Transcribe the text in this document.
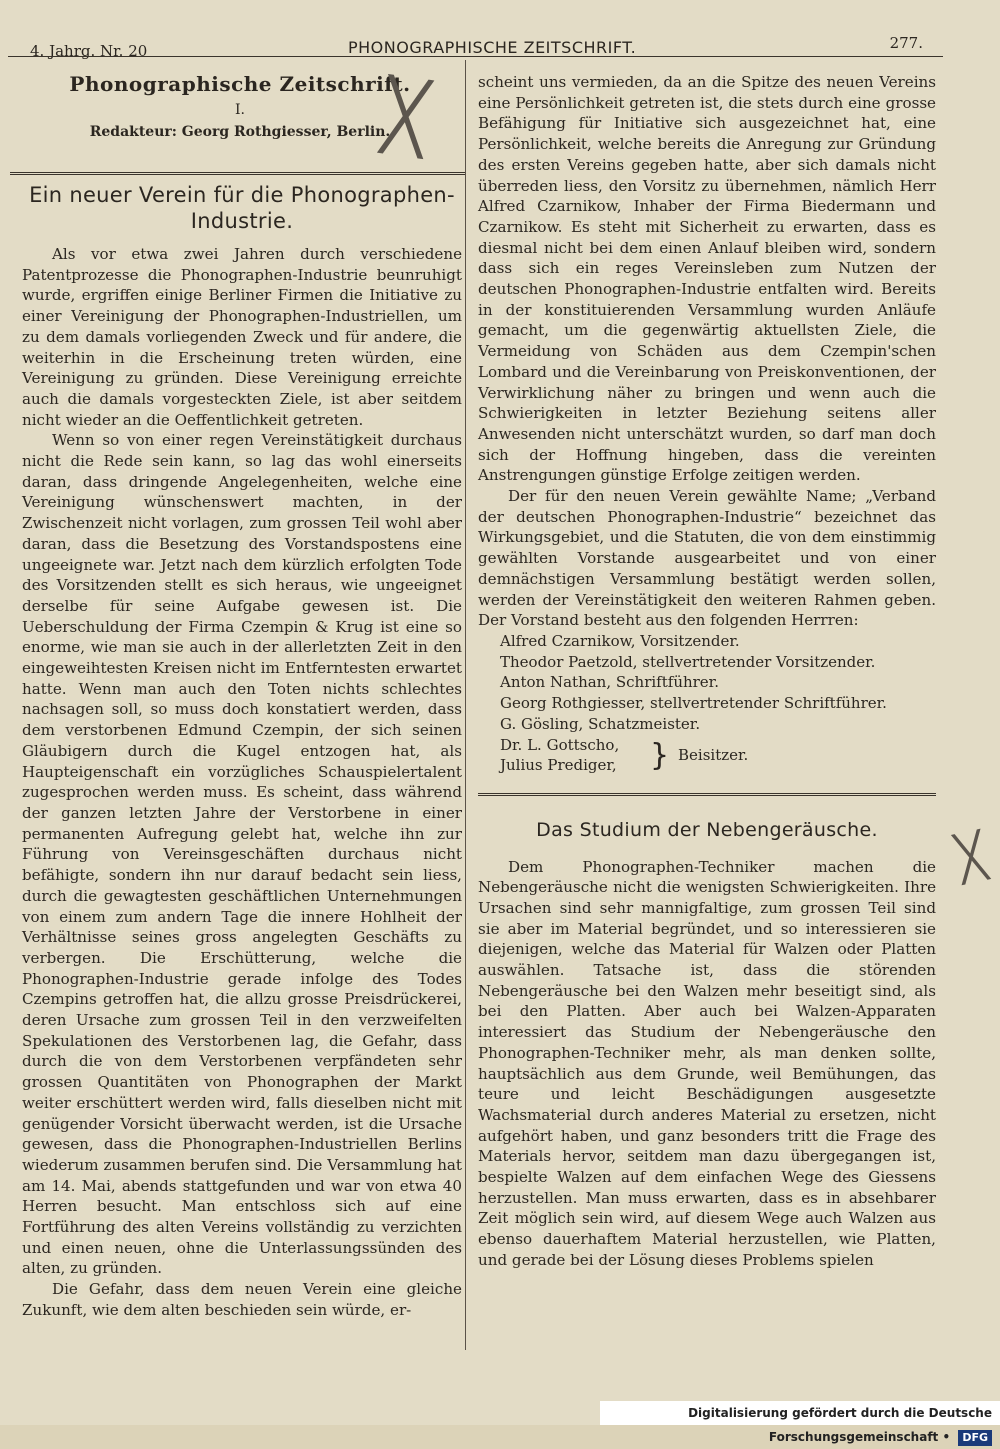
4. Jahrg. Nr. 20	PHONOGRAPHISCHE ZEITSCHRIFT.	277.
Phonographische Zeitschrift.
I.
Redakteur: Georg Rothgiesser, Berlin.
╳
Ein neuer Verein für die Phonographen-
Industrie.

Als vor etwa zwei Jahren durch verschiedene Patentprozesse die Phonographen-Industrie beunruhigt wurde, ergriffen einige Berliner Firmen die Initiative zu einer Vereinigung der Phonographen-Industriellen, um zu dem damals vorliegenden Zweck und für andere, die weiterhin in die Erscheinung treten würden, eine Vereinigung zu gründen. Diese Vereinigung erreichte auch die damals vorgesteckten Ziele, ist aber seitdem nicht wieder an die Oeffentlichkeit getreten.

Wenn so von einer regen Vereinstätigkeit durchaus nicht die Rede sein kann, so lag das wohl einerseits daran, dass dringende Angelegenheiten, welche eine Vereinigung wünschenswert machten, in der Zwischenzeit nicht vorlagen, zum grossen Teil wohl aber daran, dass die Besetzung des Vorstandspostens eine ungeeignete war. Jetzt nach dem kürzlich erfolgten Tode des Vorsitzenden stellt es sich heraus, wie ungeeignet derselbe für seine Aufgabe gewesen ist. Die Ueberschuldung der Firma Czempin & Krug ist eine so enorme, wie man sie auch in der allerletzten Zeit in den eingeweihtesten Kreisen nicht im Entferntesten erwartet hatte. Wenn man auch den Toten nichts schlechtes nachsagen soll, so muss doch konstatiert werden, dass dem verstorbenen Edmund Czempin, der sich seinen Gläubigern durch die Kugel entzogen hat, als Haupteigenschaft ein vorzügliches Schauspielertalent zugesprochen werden muss. Es scheint, dass während der ganzen letzten Jahre der Verstorbene in einer permanenten Aufregung gelebt hat, welche ihn zur Führung von Vereinsgeschäften durchaus nicht befähigte, sondern ihn nur darauf bedacht sein liess, durch die gewagtesten geschäftlichen Unternehmungen von einem zum andern Tage die innere Hohlheit der Verhältnisse seines gross angelegten Geschäfts zu verbergen. Die Erschütterung, welche die Phonographen-Industrie gerade infolge des Todes Czempins getroffen hat, die allzu grosse Preisdrückerei, deren Ursache zum grossen Teil in den verzweifelten Spekulationen des Verstorbenen lag, die Gefahr, dass durch die von dem Verstorbenen verpfändeten sehr grossen Quantitäten von Phonographen der Markt weiter erschüttert werden wird, falls dieselben nicht mit genügender Vorsicht überwacht werden, ist die Ursache gewesen, dass die Phonographen-Industriellen Berlins wiederum zusammen berufen sind. Die Versammlung hat am 14. Mai, abends stattgefunden und war von etwa 40 Herren besucht. Man entschloss sich auf eine Fortführung des alten Vereins vollständig zu verzichten und einen neuen, ohne die Unterlassungssünden des alten, zu gründen.

Die Gefahr, dass dem neuen Verein eine gleiche Zukunft, wie dem alten beschieden sein würde, er-

scheint uns vermieden, da an die Spitze des neuen Vereins eine Persönlichkeit getreten ist, die stets durch eine grosse Befähigung für Initiative sich ausgezeichnet hat, eine Persönlichkeit, welche bereits die Anregung zur Gründung des ersten Vereins gegeben hatte, aber sich damals nicht überreden liess, den Vorsitz zu übernehmen, nämlich Herr Alfred Czarnikow, Inhaber der Firma Biedermann und Czarnikow. Es steht mit Sicherheit zu erwarten, dass es diesmal nicht bei dem einen Anlauf bleiben wird, sondern dass sich ein reges Vereinsleben zum Nutzen der deutschen Phonographen-Industrie entfalten wird. Bereits in der konstituierenden Versammlung wurden Anläufe gemacht, um die gegenwärtig aktuellsten Ziele, die Vermeidung von Schäden aus dem Czempin'schen Lombard und die Vereinbarung von Preiskonventionen, der Verwirklichung näher zu bringen und wenn auch die Schwierigkeiten in letzter Beziehung seitens aller Anwesenden nicht unterschätzt wurden, so darf man doch sich der Hoffnung hingeben, dass die vereinten Anstrengungen günstige Erfolge zeitigen werden.

Der für den neuen Verein gewählte Name; „Verband der deutschen Phonographen-Industrie“ bezeichnet das Wirkungsgebiet, und die Statuten, die von dem einstimmig gewählten Vorstande ausgearbeitet und von einer demnächstigen Versammlung bestätigt werden sollen, werden der Vereinstätigkeit den weiteren Rahmen geben. Der Vorstand besteht aus den folgenden Herrren:

Alfred Czarnikow, Vorsitzender.
Theodor Paetzold, stellvertretender Vorsitzender.
Anton Nathan, Schriftführer.
Georg Rothgiesser, stellvertretender Schriftführer.
G. Gösling, Schatzmeister.
Dr. L. Gottscho,
Julius Prediger, } Beisitzer.
Das Studium der Nebengeräusche.

Dem Phonographen-Techniker machen die Nebengeräusche nicht die wenigsten Schwierigkeiten. Ihre Ursachen sind sehr mannigfaltige, zum grossen Teil sind sie aber im Material begründet, und so interessieren sie diejenigen, welche das Material für Walzen oder Platten auswählen. Tatsache ist, dass die störenden Nebengeräusche bei den Walzen mehr beseitigt sind, als bei den Platten. Aber auch bei Walzen-Apparaten interessiert das Studium der Nebengeräusche den Phonographen-Techniker mehr, als man denken sollte, hauptsächlich aus dem Grunde, weil Bemühungen, das teure und leicht Beschädigungen ausgesetzte Wachsmaterial durch anderes Material zu ersetzen, nicht aufgehört haben, und ganz besonders tritt die Frage des Materials hervor, seitdem man dazu übergegangen ist, bespielte Walzen auf dem einfachen Wege des Giessens herzustellen. Man muss erwarten, dass es in absehbarer Zeit möglich sein wird, auf diesem Wege auch Walzen aus ebenso dauerhaftem Material herzustellen, wie Platten, und gerade bei der Lösung dieses Problems spielen

╳
Digitalisierung gefördert durch die Deutsche Forschungsgemeinschaft • DFG
